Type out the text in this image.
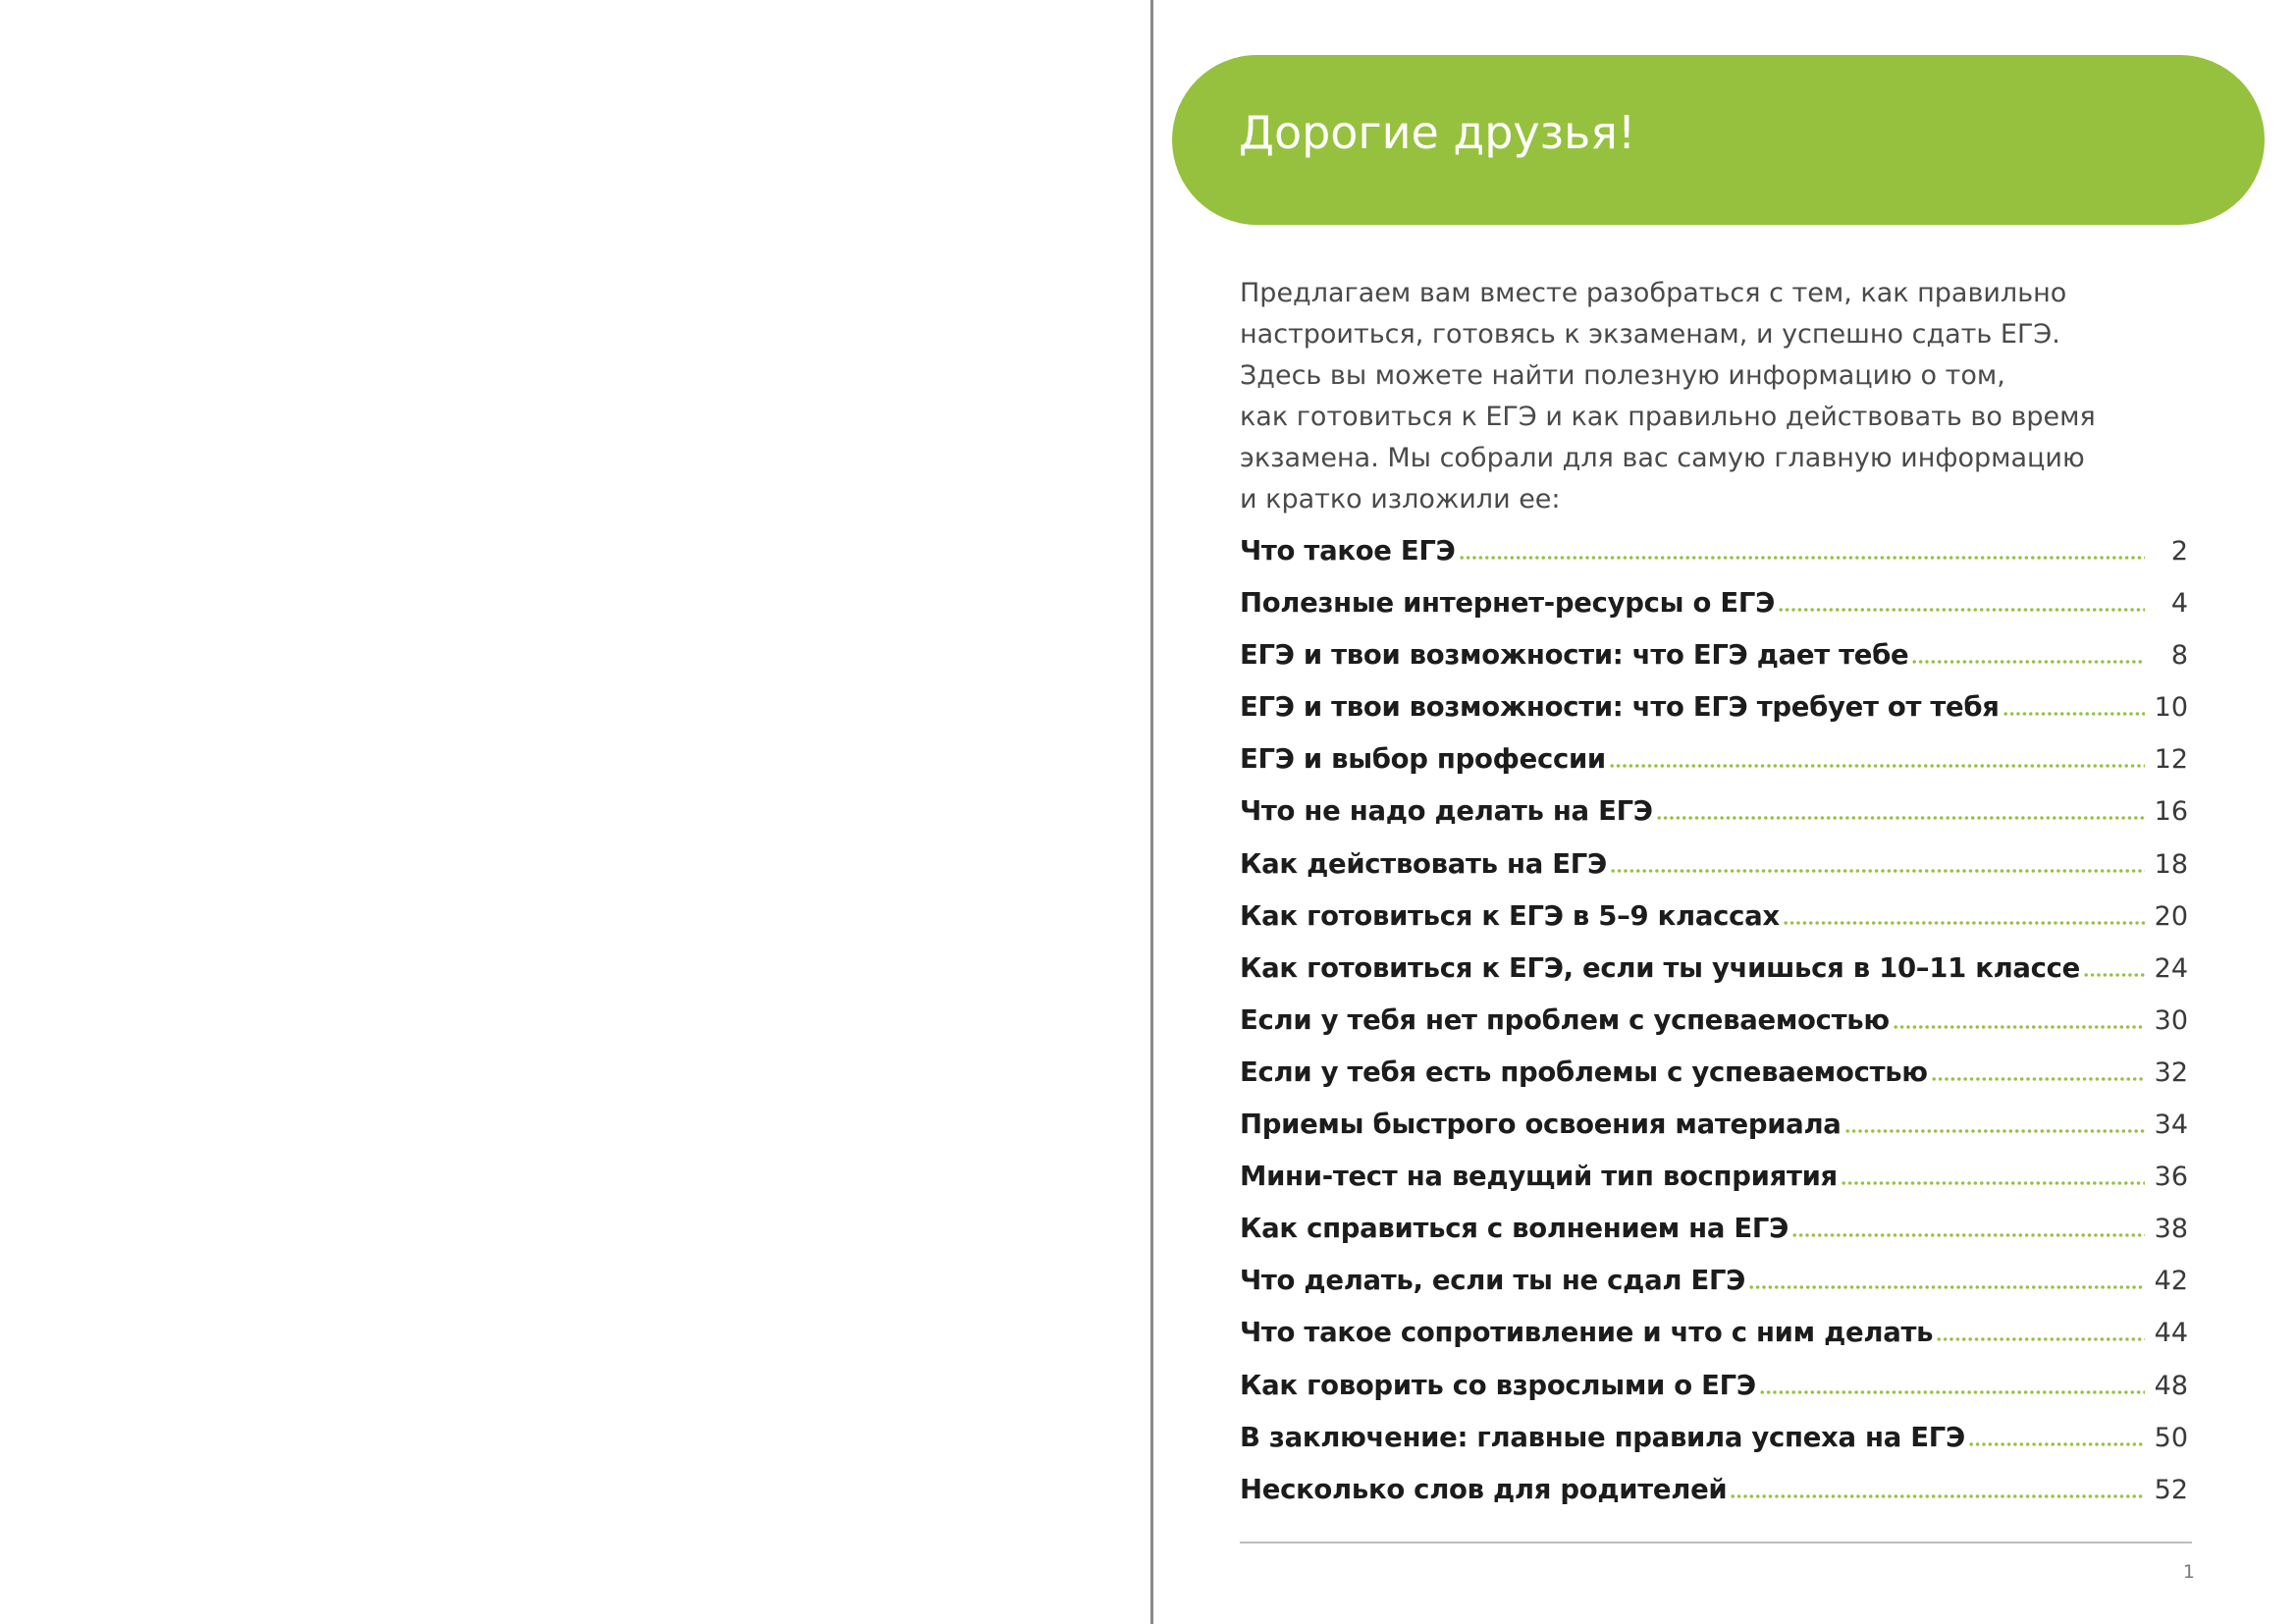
Дорогие друзья!

Предлагаем вам вместе разобраться с тем, как правильно
настроиться, готовясь к экзаменам, и успешно сдать ЕГЭ.
Здесь вы можете найти полезную информацию о том,
как готовиться к ЕГЭ и как правильно действовать во время
экзамена. Мы собрали для вас самую главную информацию
и кратко изложили ее:

Что такое ЕГЭ	2
Полезные интернет-ресурсы о ЕГЭ	4
ЕГЭ и твои возможности: что ЕГЭ дает тебе	8
ЕГЭ и твои возможности: что ЕГЭ требует от тебя	10
ЕГЭ и выбор профессии	12
Что не надо делать на ЕГЭ	16
Как действовать на ЕГЭ	18
Как готовиться к ЕГЭ в 5–9 классах	20
Как готовиться к ЕГЭ, если ты учишься в 10–11 классе	24
Если у тебя нет проблем с успеваемостью	30
Если у тебя есть проблемы с успеваемостью	32
Приемы быстрого освоения материала	34
Мини-тест на ведущий тип восприятия	36
Как справиться с волнением на ЕГЭ	38
Что делать, если ты не сдал ЕГЭ	42
Что такое сопротивление и что с ним делать	44
Как говорить со взрослыми о ЕГЭ	48
В заключение: главные правила успеха на ЕГЭ	50
Несколько слов для родителей	52
1
